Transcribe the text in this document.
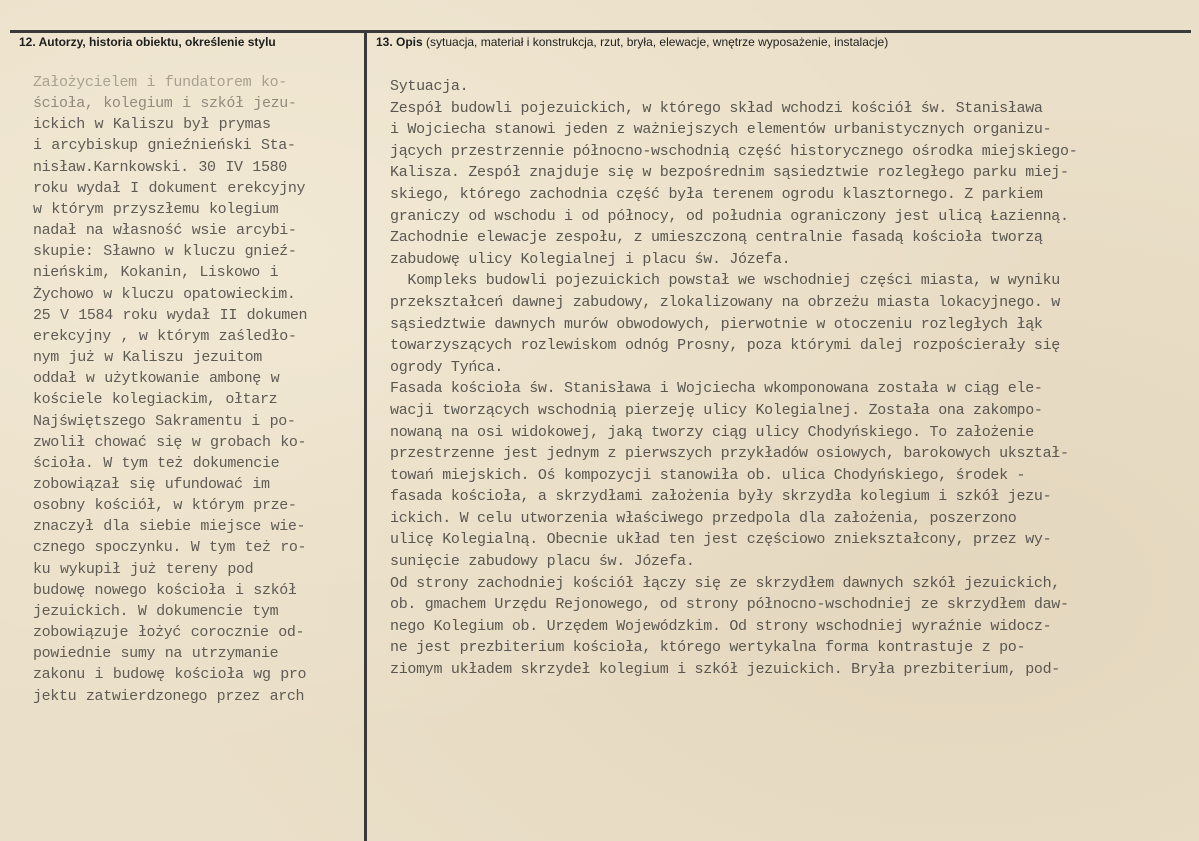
12. Autorzy, historia obiektu, określenie stylu	13. Opis (sytuacja, materiał i konstrukcja, rzut, bryła, elewacje, wnętrze wyposażenie, instalacje)
Założycielem i fundatorem ko-
ścioła, kolegium i szkół jezu-
ickich w Kaliszu był prymas
i arcybiskup gnieźnieński Sta-
nisław.Karnkowski. 30 IV 1580
roku wydał I dokument erekcyjny
w którym przyszłemu kolegium
nadał na własność wsie arcybi-
skupie: Sławno w kluczu gnieź-
nieńskim, Kokanin, Liskowo i
Żychowo w kluczu opatowieckim.
25 V 1584 roku wydał II dokumen
erekcyjny , w którym zaśledło-
nym już w Kaliszu jezuitom
oddał w użytkowanie ambonę w
kościele kolegiackim, ołtarz
Najświętszego Sakramentu i po-
zwolił chować się w grobach ko-
ścioła. W tym też dokumencie
zobowiązał się ufundować im
osobny kościół, w którym prze-
znaczył dla siebie miejsce wie-
cznego spoczynku. W tym też ro-
ku wykupił już tereny pod
budowę nowego kościoła i szkół
jezuickich. W dokumencie tym
zobowiązuje łożyć corocznie od-
powiednie sumy na utrzymanie
zakonu i budowę kościoła wg pro
jektu zatwierdzonego przez arch
Sytuacja.
Zespół budowli pojezuickich, w którego skład wchodzi kościół św. Stanisława
i Wojciecha stanowi jeden z ważniejszych elementów urbanistycznych organizu-
jących przestrzennie północno-wschodnią część historycznego ośrodka miejskiego-
Kalisza. Zespół znajduje się w bezpośrednim sąsiedztwie rozległego parku miej-
skiego, którego zachodnia część była terenem ogrodu klasztornego. Z parkiem
graniczy od wschodu i od północy, od południa ograniczony jest ulicą Łazienną.
Zachodnie elewacje zespołu, z umieszczoną centralnie fasadą kościoła tworzą
zabudowę ulicy Kolegialnej i placu św. Józefa.
Kompleks budowli pojezuickich powstał we wschodniej części miasta, w wyniku
przekształceń dawnej zabudowy, zlokalizowany na obrzeżu miasta lokacyjnego. w
sąsiedztwie dawnych murów obwodowych, pierwotnie w otoczeniu rozległych łąk
towarzyszących rozlewiskom odnóg Prosny, poza którymi dalej rozpościerały się
ogrody Tyńca.
Fasada kościoła św. Stanisława i Wojciecha wkomponowana została w ciąg ele-
wacji tworzących wschodnią pierzeję ulicy Kolegialnej. Została ona zakompo-
nowaną na osi widokowej, jaką tworzy ciąg ulicy Chodyńskiego. To założenie
przestrzenne jest jednym z pierwszych przykładów osiowych, barokowych ukształ-
towań miejskich. Oś kompozycji stanowiła ob. ulica Chodyńskiego, środek -
fasada kościoła, a skrzydłami założenia były skrzydła kolegium i szkół jezu-
ickich. W celu utworzenia właściwego przedpola dla założenia, poszerzono
ulicę Kolegialną. Obecnie układ ten jest częściowo zniekształcony, przez wy-
sunięcie zabudowy placu św. Józefa.
Od strony zachodniej kościół łączy się ze skrzydłem dawnych szkół jezuickich,
ob. gmachem Urzędu Rejonowego, od strony północno-wschodniej ze skrzydłem daw-
nego Kolegium ob. Urzędem Wojewódzkim. Od strony wschodniej wyraźnie widocz-
ne jest prezbiterium kościoła, którego wertykalna forma kontrastuje z po-
ziomym układem skrzydeł kolegium i szkół jezuickich. Bryła prezbiterium, pod-
